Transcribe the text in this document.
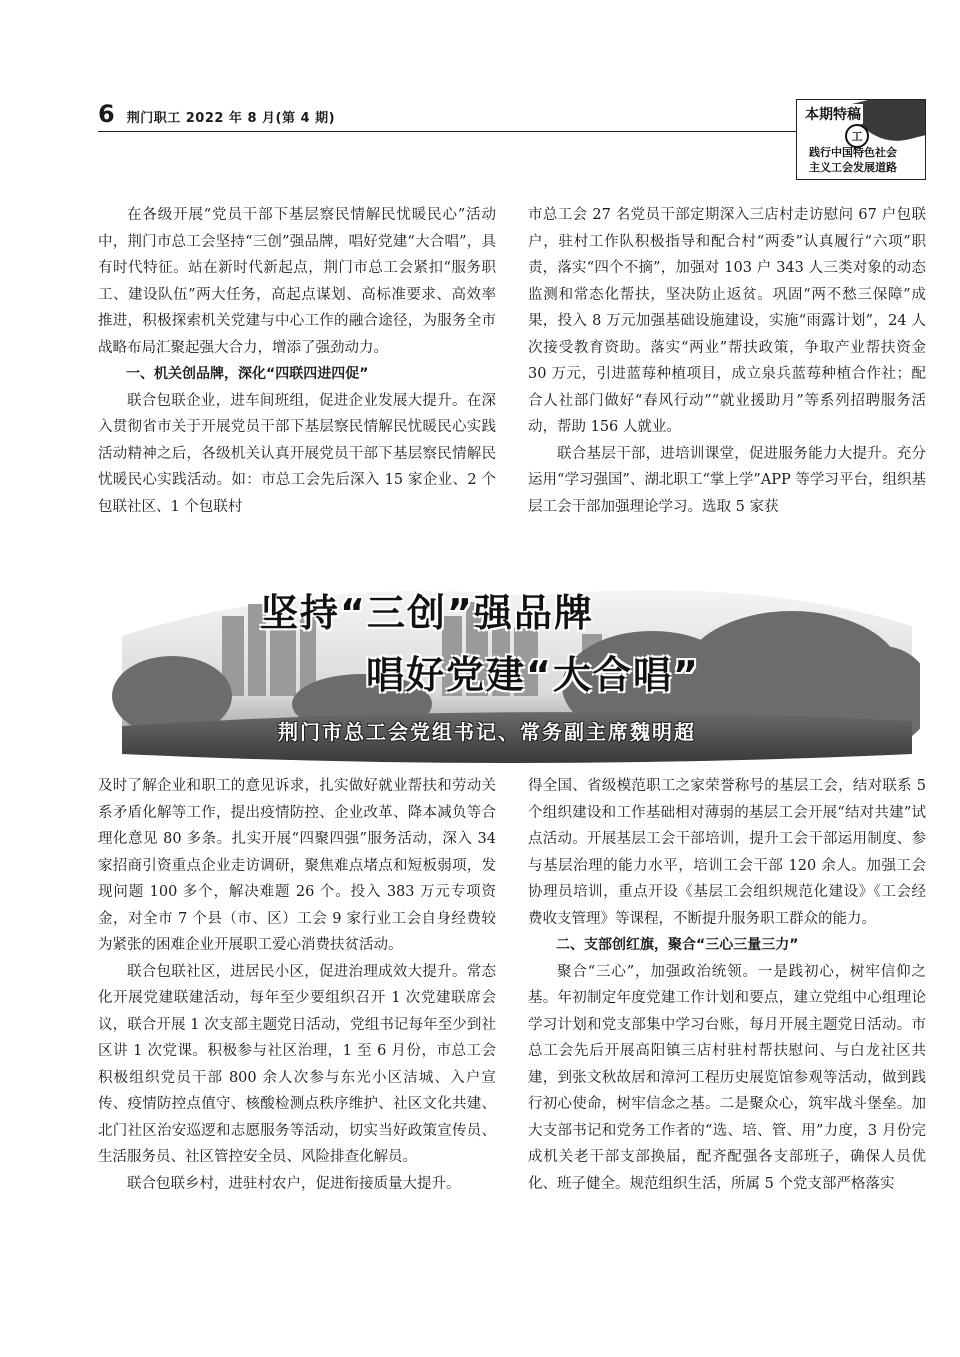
6 荆门职工 2022 年 8 月(第 4 期)	本期特稿
工
践行中国特色社会
主义工会发展道路

在各级开展“党员干部下基层察民情解民忧暖民心”活动中，荆门市总工会坚持“三创”强品牌，唱好党建“大合唱”，具有时代特征。站在新时代新起点，荆门市总工会紧扣“服务职工、建设队伍”两大任务，高起点谋划、高标准要求、高效率推进，积极探索机关党建与中心工作的融合途径，为服务全市战略布局汇聚起强大合力，增添了强劲动力。

一、机关创品牌，深化“四联四进四促”

联合包联企业，进车间班组，促进企业发展大提升。在深入贯彻省市关于开展党员干部下基层察民情解民忧暖民心实践活动精神之后，各级机关认真开展党员干部下基层察民情解民忧暖民心实践活动。如：市总工会先后深入 15 家企业、2 个包联社区、1 个包联村

市总工会 27 名党员干部定期深入三店村走访慰问 67 户包联户，驻村工作队积极指导和配合村“两委”认真履行“六项”职责，落实“四个不摘”，加强对 103 户 343 人三类对象的动态监测和常态化帮扶，坚决防止返贫。巩固“两不愁三保障”成果，投入 8 万元加强基础设施建设，实施“雨露计划”，24 人次接受教育资助。落实“两业”帮扶政策，争取产业帮扶资金 30 万元，引进蓝莓种植项目，成立泉兵蓝莓种植合作社；配合人社部门做好“春风行动”“就业援助月”等系列招聘服务活动，帮助 156 人就业。

联合基层干部，进培训课堂，促进服务能力大提升。充分运用“学习强国”、湖北职工“掌上学”APP 等学习平台，组织基层工会干部加强理论学习。选取 5 家获

坚持“三创”强品牌
唱好党建“大合唱”
荆门市总工会党组书记、常务副主席魏明超

及时了解企业和职工的意见诉求，扎实做好就业帮扶和劳动关系矛盾化解等工作，提出疫情防控、企业改革、降本减负等合理化意见 80 多条。扎实开展“四聚四强”服务活动，深入 34 家招商引资重点企业走访调研，聚焦难点堵点和短板弱项，发现问题 100 多个，解决难题 26 个。投入 383 万元专项资金，对全市 7 个县（市、区）工会 9 家行业工会自身经费较为紧张的困难企业开展职工爱心消费扶贫活动。

联合包联社区，进居民小区，促进治理成效大提升。常态化开展党建联建活动，每年至少要组织召开 1 次党建联席会议，联合开展 1 次支部主题党日活动，党组书记每年至少到社区讲 1 次党课。积极参与社区治理，1 至 6 月份，市总工会积极组织党员干部 800 余人次参与东光小区洁城、入户宣传、疫情防控点值守、核酸检测点秩序维护、社区文化共建、北门社区治安巡逻和志愿服务等活动，切实当好政策宣传员、生活服务员、社区管控安全员、风险排查化解员。

联合包联乡村，进驻村农户，促进衔接质量大提升。

得全国、省级模范职工之家荣誉称号的基层工会，结对联系 5 个组织建设和工作基础相对薄弱的基层工会开展“结对共建”试点活动。开展基层工会干部培训，提升工会干部运用制度、参与基层治理的能力水平，培训工会干部 120 余人。加强工会协理员培训，重点开设《基层工会组织规范化建设》《工会经费收支管理》等课程，不断提升服务职工群众的能力。

二、支部创红旗，聚合“三心三量三力”

聚合“三心”，加强政治统领。一是践初心，树牢信仰之基。年初制定年度党建工作计划和要点，建立党组中心组理论学习计划和党支部集中学习台账，每月开展主题党日活动。市总工会先后开展高阳镇三店村驻村帮扶慰问、与白龙社区共建，到张文秋故居和漳河工程历史展览馆参观等活动，做到践行初心使命，树牢信念之基。二是聚众心，筑牢战斗堡垒。加大支部书记和党务工作者的“选、培、管、用”力度，3 月份完成机关老干部支部换届，配齐配强各支部班子，确保人员优化、班子健全。规范组织生活，所属 5 个党支部严格落实
